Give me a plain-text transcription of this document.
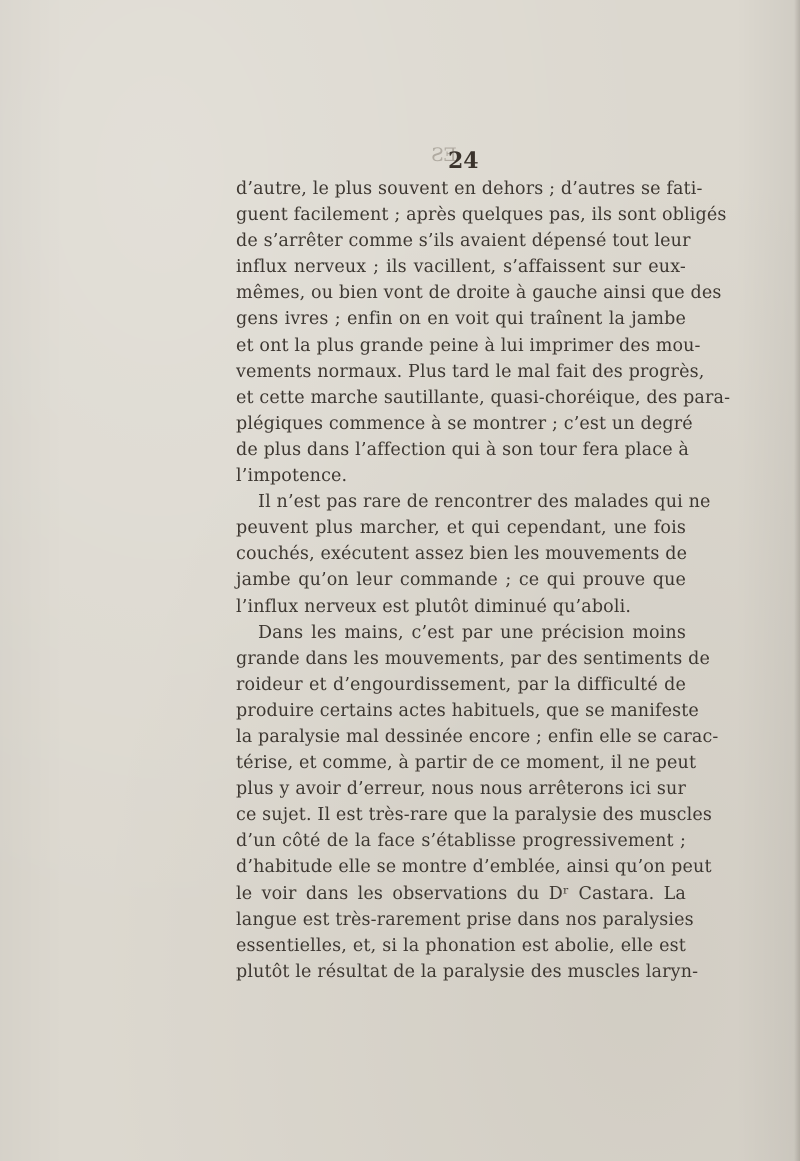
ES
24

d’autre, le plus souvent en dehors ; d’autres se fati-

guent facilement ; après quelques pas, ils sont obligés

de s’arrêter comme s’ils avaient dépensé tout leur

influx nerveux ; ils vacillent, s’affaissent sur eux-

mêmes, ou bien vont de droite à gauche ainsi que des

gens ivres ; enfin on en voit qui traînent la jambe

et ont la plus grande peine à lui imprimer des mou-

vements normaux. Plus tard le mal fait des progrès,

et cette marche sautillante, quasi-choréique, des para-

plégiques commence à se montrer ; c’est un degré

de plus dans l’affection qui à son tour fera place à

l’impotence.

Il n’est pas rare de rencontrer des malades qui ne

peuvent plus marcher, et qui cependant, une fois

couchés, exécutent assez bien les mouvements de

jambe qu’on leur commande ; ce qui prouve que

l’influx nerveux est plutôt diminué qu’aboli.

Dans les mains, c’est par une précision moins

grande dans les mouvements, par des sentiments de

roideur et d’engourdissement, par la difficulté de

produire certains actes habituels, que se manifeste

la paralysie mal dessinée encore ; enfin elle se carac-

térise, et comme, à partir de ce moment, il ne peut

plus y avoir d’erreur, nous nous arrêterons ici sur

ce sujet. Il est très-rare que la paralysie des muscles

d’un côté de la face s’établisse progressivement ;

d’habitude elle se montre d’emblée, ainsi qu’on peut

le voir dans les observations du Dʳ Castara. La

langue est très-rarement prise dans nos paralysies

essentielles, et, si la phonation est abolie, elle est

plutôt le résultat de la paralysie des muscles laryn-
